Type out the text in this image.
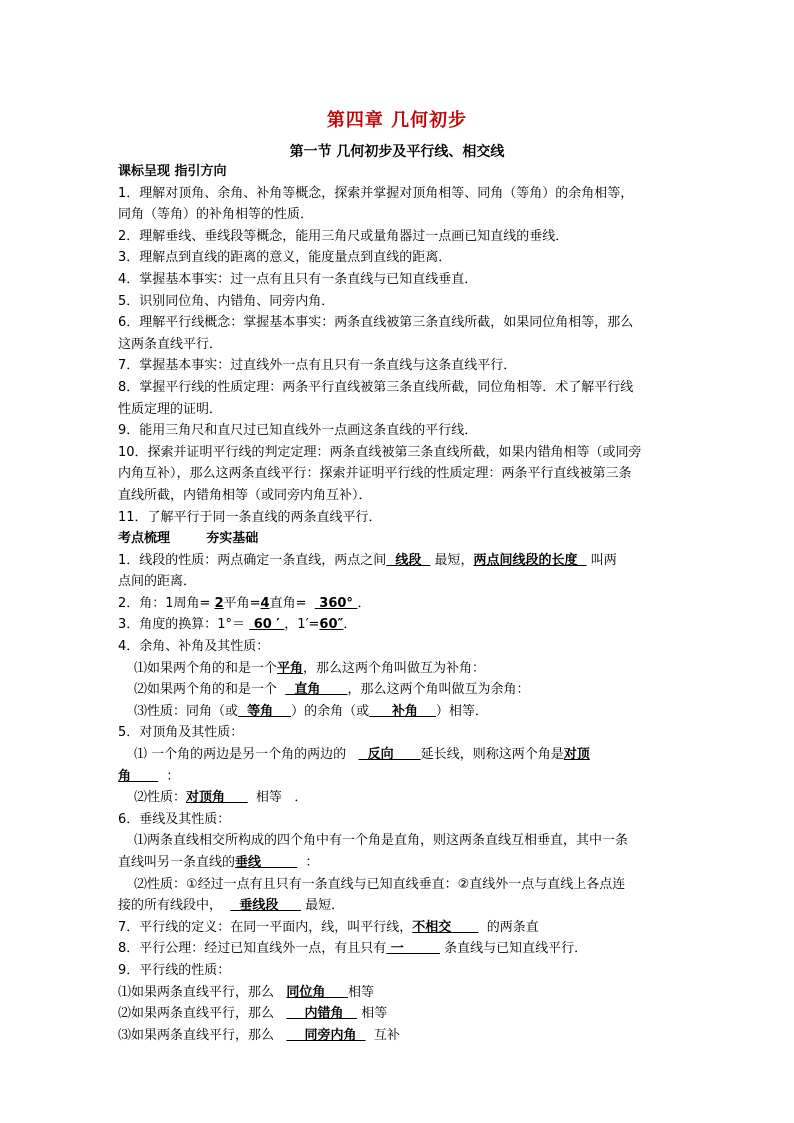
第四章 几何初步
第一节 几何初步及平行线、相交线
课标呈现 指引方向
1．理解对顶角、余角、补角等概念，探索并掌握对顶角相等、同角（等角）的余角相等，
同角（等角）的补角相等的性质．
2．理解垂线、垂线段等概念，能用三角尺或量角器过一点画已知直线的垂线．
3．理解点到直线的距离的意义，能度量点到直线的距离．
4．掌握基本事实：过一点有且只有一条直线与已知直线垂直．
5．识别同位角、内错角、同旁内角．
6．理解平行线概念：掌握基本事实：两条直线被第三条直线所截，如果同位角相等，那么
这两条直线平行．
7．掌握基本事实：过直线外一点有且只有一条直线与这条直线平行．
8．掌握平行线的性质定理：两条平行直线被第三条直线所截，同位角相等．术了解平行线
性质定理的证明．
9．能用三角尺和直尺过已知直线外一点画这条直线的平行线．
10．探索并证明平行线的判定定理：两条直线被第三条直线所截，如果内错角相等（或同旁
内角互补），那么这两条直线平行：探索并证明平行线的性质定理：两条平行直线被第三条
直线所截，内错角相等（或同旁内角互补）．
11．了解平行于同一条直线的两条直线平行．
考点梳理        夯实基础
1．线段的性质：两点确定一条直线，两点之间  线段   最短，两点间线段的长度   叫两
点间的距离．
2．角：1周角= 2平角=4直角=   360° ．
3．角度的换算：1°＝  60 ′ ，1′=60″．
4．余角、补角及其性质：
⑴如果两个角的和是一个平角，那么这两个角叫做互为补角：
⑵如果两个角的和是一个    直角      ，那么这两个角叫做互为余角：
⑶性质：同角（或  等角    ）的余角（或     补角    ）相等．
5．对顶角及其性质：
⑴ 一个角的两边是另一个角的两边的     反向      延长线，则称这两个角是对顶
角        ：
⑵性质：对顶角       相等   ．
6．垂线及其性质：
⑴两条直线相交所构成的四个角中有一个角是直角，则这两条直线互相垂直，其中一条
直线叫另一条直线的垂线          ：
⑵性质：①经过一点有且只有一条直线与已知直线垂直：②直线外一点与直线上各点连
接的所有线段中，    垂线段      最短．
7．平行线的定义：在同一平面内，线，叫平行线，不相交        的两条直
8．平行公理：经过已知直线外一点，有且只有 一         条直线与已知直线平行．
9．平行线的性质：
⑴如果两条直线平行，那么   同位角     相等
⑵如果两条直线平行，那么       内错角    相等
⑶如果两条直线平行，那么       同旁内角    互补
